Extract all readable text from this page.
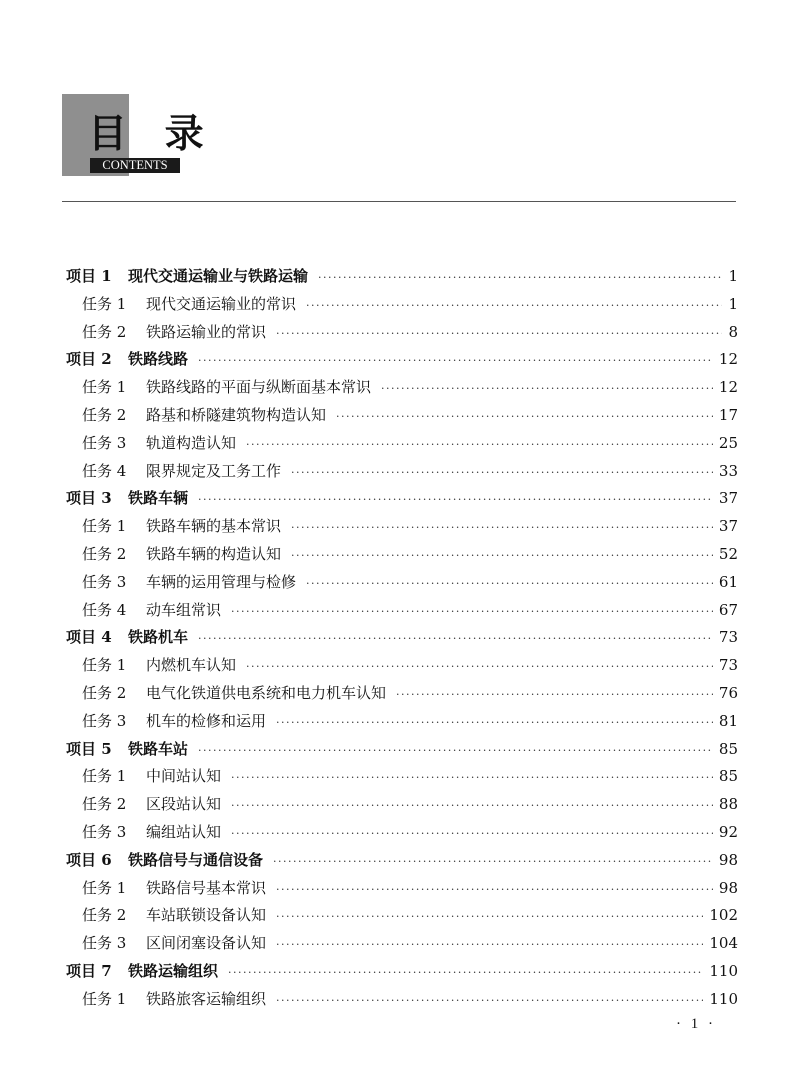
目 录
CONTENTS
项目 1	现代交通运输业与铁路运输 ·····	1
任务 1	现代交通运输业的常识 ·····	1
任务 2	铁路运输业的常识 ·····	8
项目 2	铁路线路 ·····	12
任务 1	铁路线路的平面与纵断面基本常识 ·····	12
任务 2	路基和桥隧建筑物构造认知 ·····	17
任务 3	轨道构造认知 ·····	25
任务 4	限界规定及工务工作 ·····	33
项目 3	铁路车辆 ·····	37
任务 1	铁路车辆的基本常识 ·····	37
任务 2	铁路车辆的构造认知 ·····	52
任务 3	车辆的运用管理与检修 ·····	61
任务 4	动车组常识 ·····	67
项目 4	铁路机车 ·····	73
任务 1	内燃机车认知 ·····	73
任务 2	电气化铁道供电系统和电力机车认知 ·····	76
任务 3	机车的检修和运用 ·····	81
项目 5	铁路车站 ·····	85
任务 1	中间站认知 ·····	85
任务 2	区段站认知 ·····	88
任务 3	编组站认知 ·····	92
项目 6	铁路信号与通信设备 ·····	98
任务 1	铁路信号基本常识 ·····	98
任务 2	车站联锁设备认知 ·····	102
任务 3	区间闭塞设备认知 ·····	104
项目 7	铁路运输组织 ·····	110
任务 1	铁路旅客运输组织 ·····	110
· 1 ·
